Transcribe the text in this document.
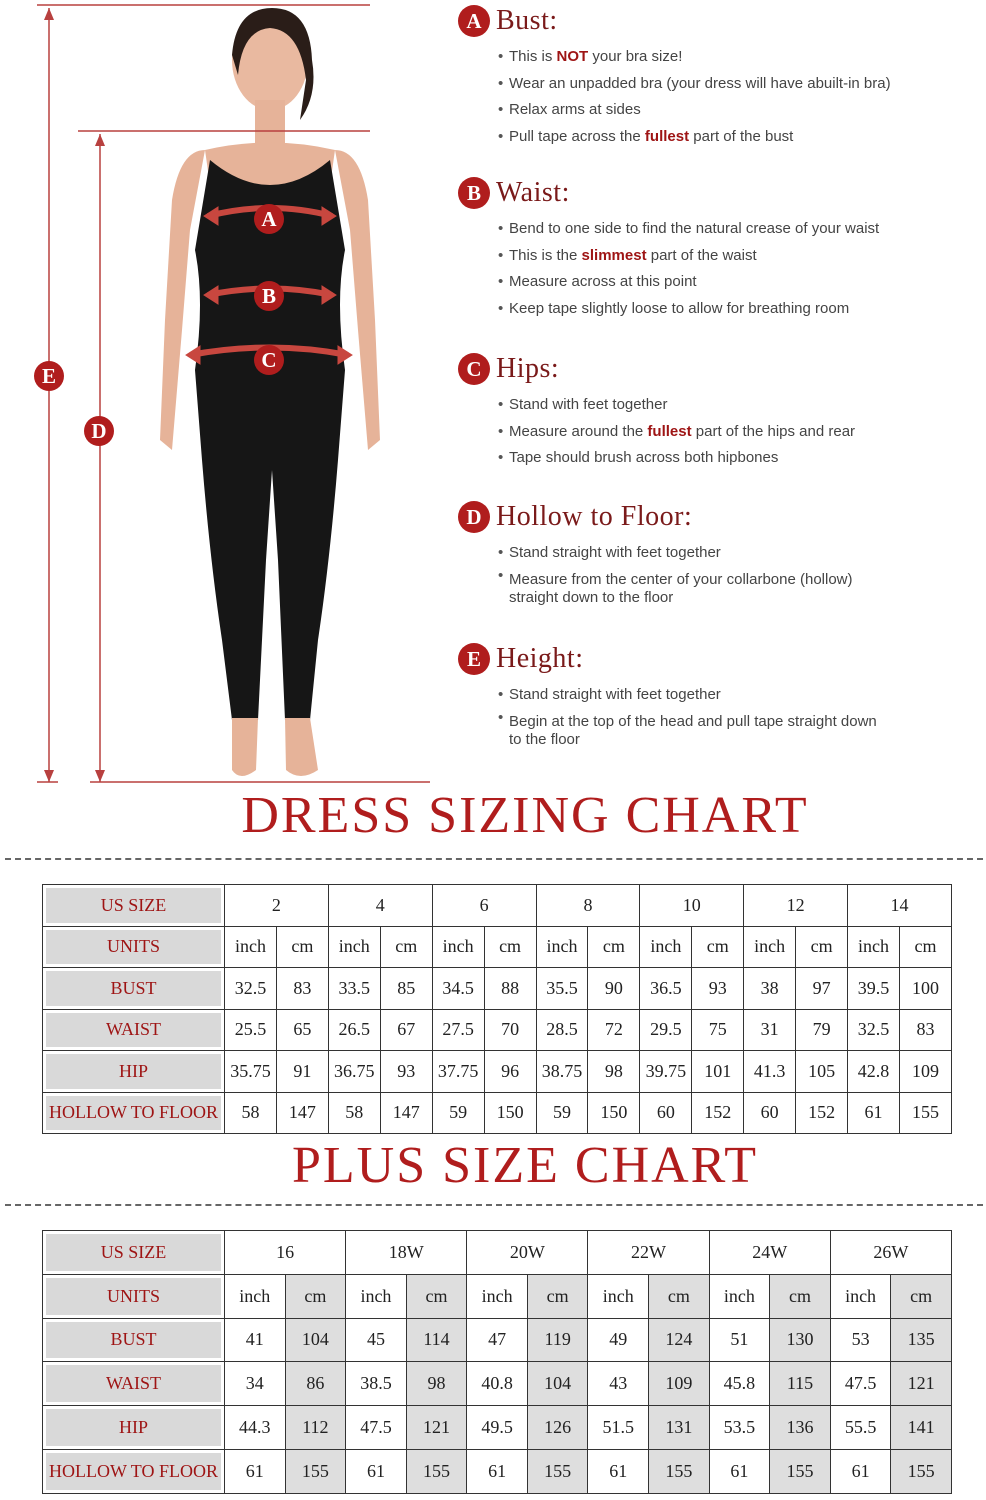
E
D
A
B
C
A Bust:
• This is NOT your bra size!
• Wear an unpadded bra (your dress will have abuilt-in bra)
• Relax arms at sides
• Pull tape across the fullest part of the bust
B Waist:
• Bend to one side to find the natural crease of your waist
• This is the slimmest part of the waist
• Measure across at this point
• Keep tape slightly loose to allow for breathing room
C Hips:
• Stand with feet together
• Measure around the fullest part of the hips and rear
• Tape should brush across both hipbones
D Hollow to Floor:
• Stand straight with feet together
• Measure from the center of your collarbone (hollow)
straight down to the floor
E Height:
• Stand straight with feet together
• Begin at the top of the head and pull tape straight down
to the floor
DRESS SIZING CHART
US SIZE	2		4		6		8		10		12		14	
UNITS	inch	cm	inch	cm	inch	cm	inch	cm	inch	cm	inch	cm	inch	cm
BUST	32.5	83	33.5	85	34.5	88	35.5	90	36.5	93	38	97	39.5	100
WAIST	25.5	65	26.5	67	27.5	70	28.5	72	29.5	75	31	79	32.5	83
HIP	35.75	91	36.75	93	37.75	96	38.75	98	39.75	101	41.3	105	42.8	109
HOLLOW TO FLOOR	58	147	58	147	59	150	59	150	60	152	60	152	61	155
PLUS SIZE CHART
US SIZE	16		18W		20W		22W		24W		26W	
UNITS	inch	cm	inch	cm	inch	cm	inch	cm	inch	cm	inch	cm
BUST	41	104	45	114	47	119	49	124	51	130	53	135
WAIST	34	86	38.5	98	40.8	104	43	109	45.8	115	47.5	121
HIP	44.3	112	47.5	121	49.5	126	51.5	131	53.5	136	55.5	141
HOLLOW TO FLOOR	61	155	61	155	61	155	61	155	61	155	61	155
